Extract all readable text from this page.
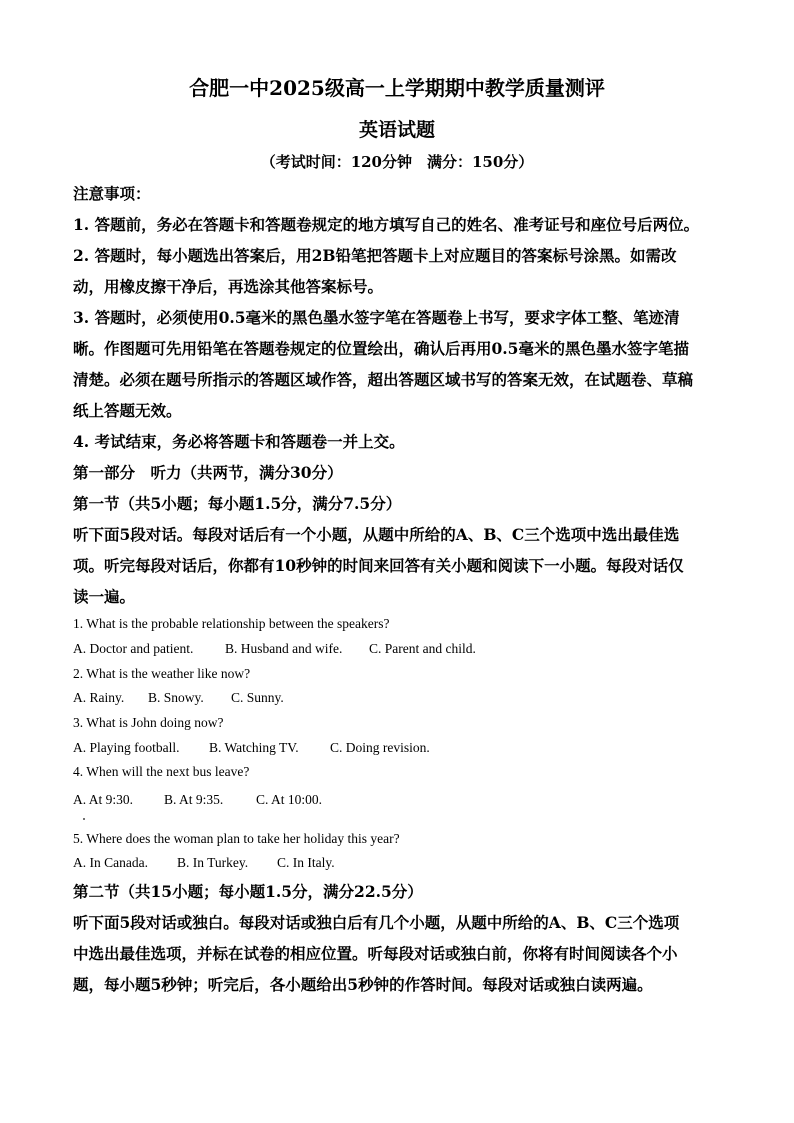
合肥一中2025级高一上学期期中教学质量测评
英语试题
（考试时间：120分钟　满分：150分）
注意事项：
1. 答题前，务必在答题卡和答题卷规定的地方填写自己的姓名、准考证号和座位号后两位。
2. 答题时，每小题选出答案后，用2B铅笔把答题卡上对应题目的答案标号涂黑。如需改
动，用橡皮擦干净后，再选涂其他答案标号。
3. 答题时，必须使用0.5毫米的黑色墨水签字笔在答题卷上书写，要求字体工整、笔迹清
晰。作图题可先用铅笔在答题卷规定的位置绘出，确认后再用0.5毫米的黑色墨水签字笔描
清楚。必须在题号所指示的答题区域作答，超出答题区域书写的答案无效，在试题卷、草稿
纸上答题无效。
4. 考试结束，务必将答题卡和答题卷一并上交。
第一部分　听力（共两节，满分30分）
第一节（共5小题；每小题1.5分，满分7.5分）
听下面5段对话。每段对话后有一个小题，从题中所给的A、B、C三个选项中选出最佳选
项。听完每段对话后，你都有10秒钟的时间来回答有关小题和阅读下一小题。每段对话仅
读一遍。
1. What is the probable relationship between the speakers?
A. Doctor and patient. B. Husband and wife. C. Parent and child.
2. What is the weather like now?
A. Rainy. B. Snowy. C. Sunny.
3. What is John doing now?
A. Playing football. B. Watching TV. C. Doing revision.
4. When will the next bus leave?
A. At 9:30. B. At 9:35. C. At 10:00.
5. Where does the woman plan to take her holiday this year?
A. In Canada. B. In Turkey. C. In Italy.
第二节（共15小题；每小题1.5分，满分22.5分）
听下面5段对话或独白。每段对话或独白后有几个小题，从题中所给的A、B、C三个选项
中选出最佳选项，并标在试卷的相应位置。听每段对话或独白前，你将有时间阅读各个小
题，每小题5秒钟；听完后，各小题给出5秒钟的作答时间。每段对话或独白读两遍。
